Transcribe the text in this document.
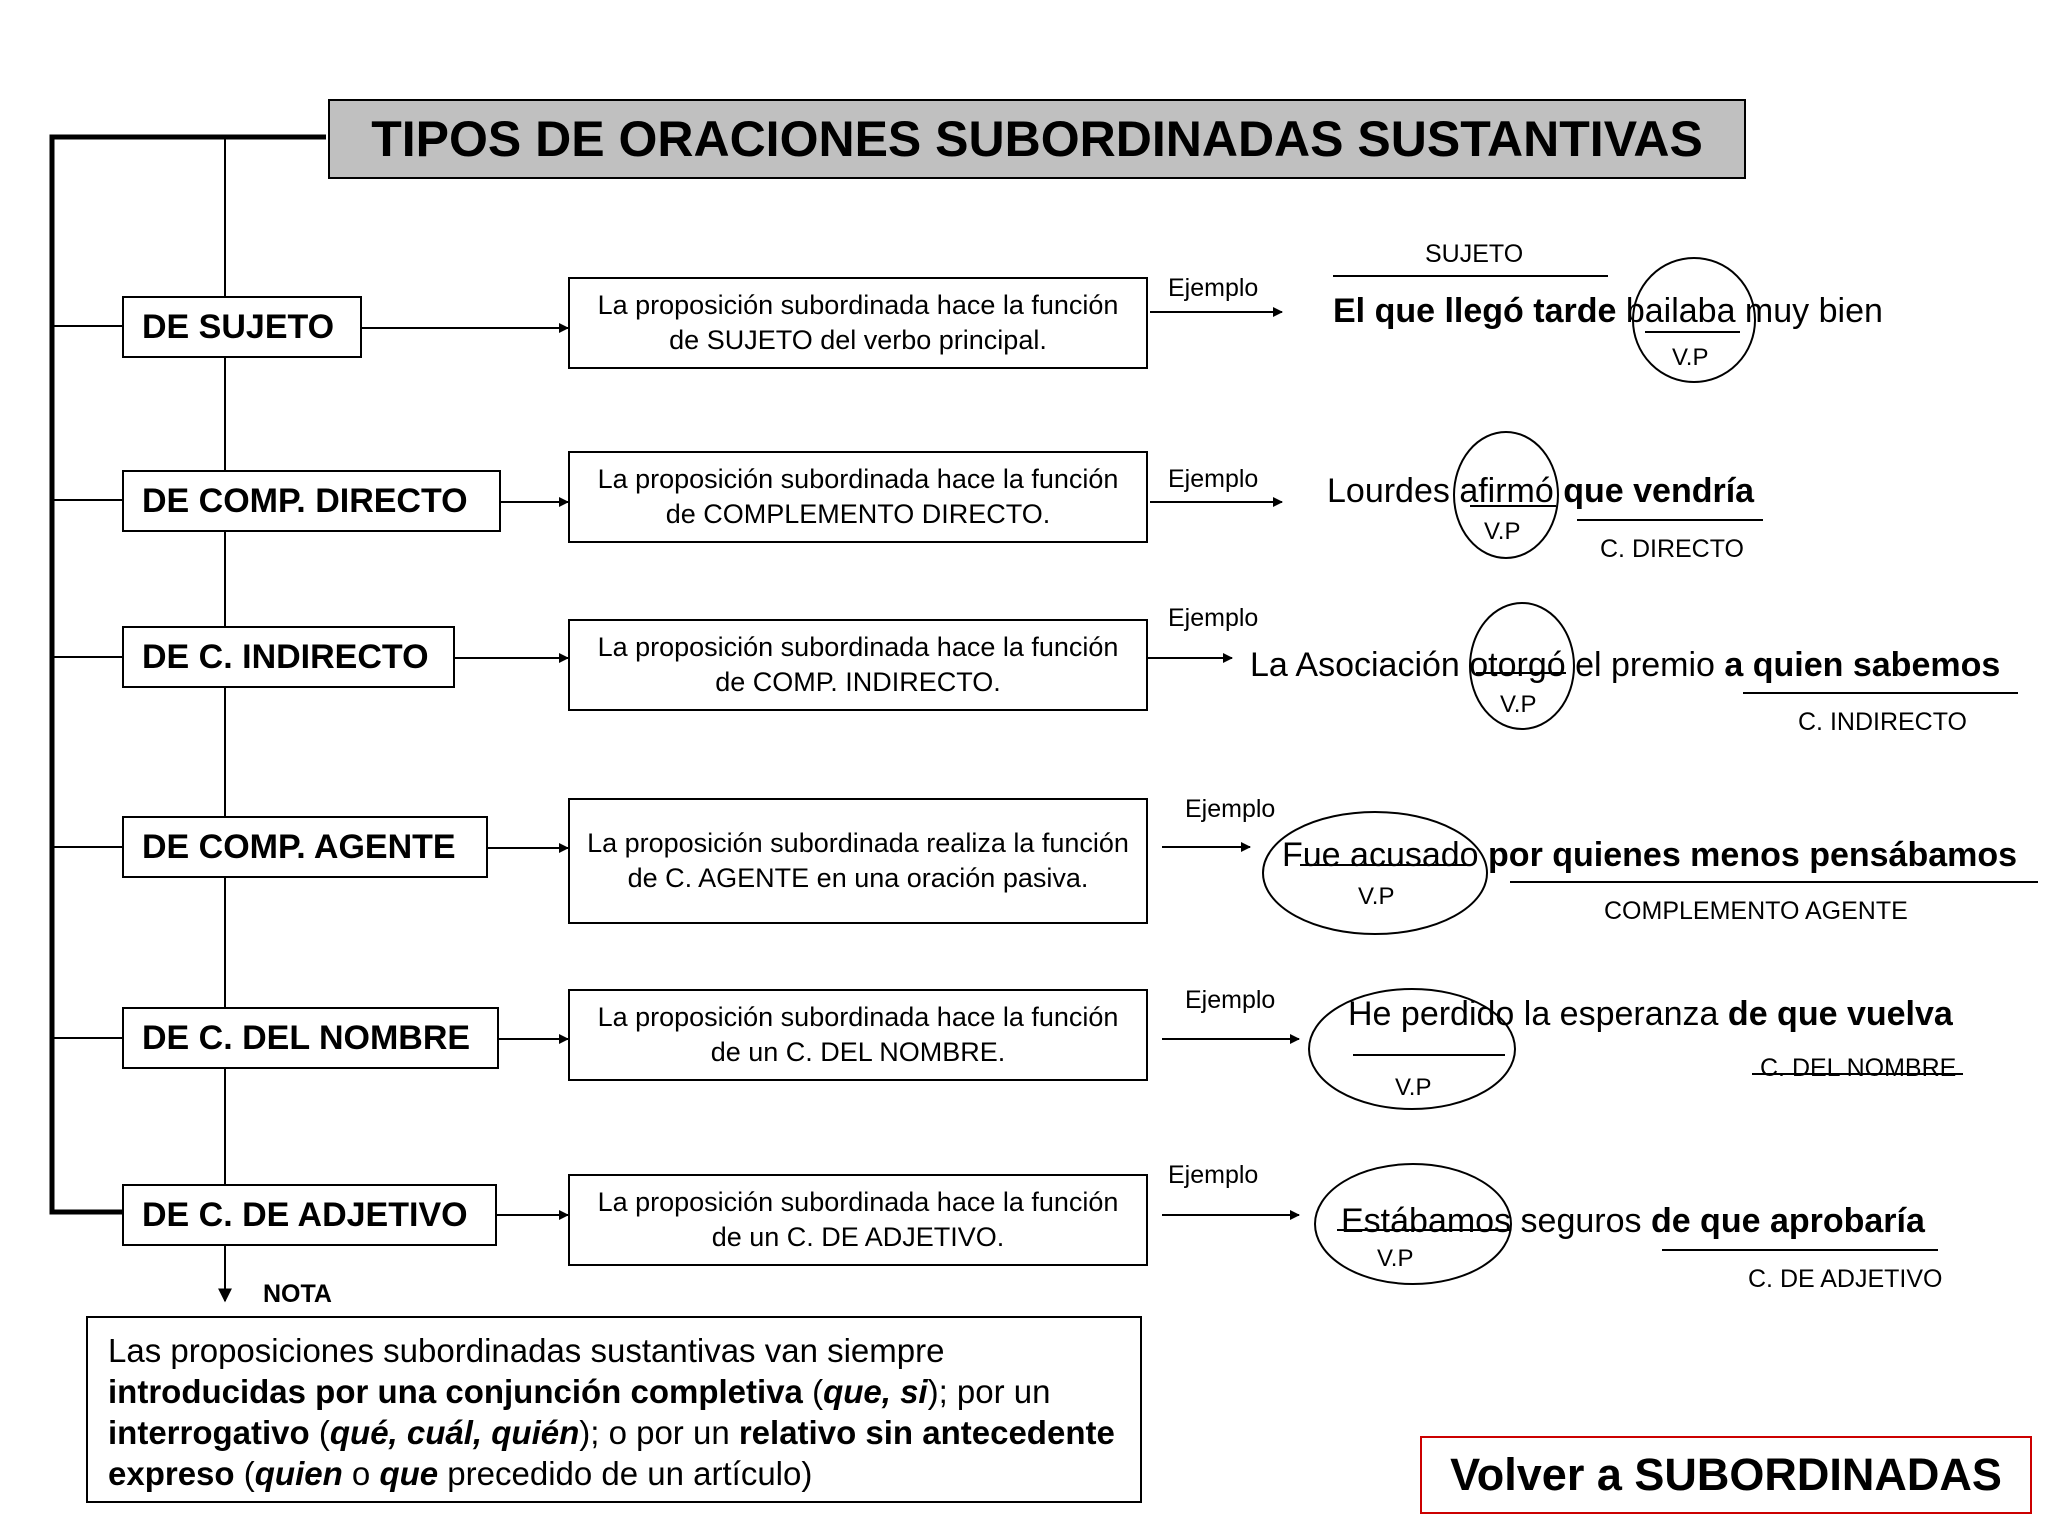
TIPOS DE ORACIONES SUBORDINADAS SUSTANTIVAS
DE SUJETO
DE COMP. DIRECTO
DE C. INDIRECTO
DE COMP. AGENTE
DE C. DEL NOMBRE
DE C. DE ADJETIVO
La proposición subordinada hace la función de SUJETO del verbo principal.
La proposición subordinada hace la función de COMPLEMENTO DIRECTO.
La proposición subordinada hace la función de COMP. INDIRECTO.
La proposición subordinada realiza la función de C. AGENTE en una oración pasiva.
La proposición subordinada hace la función de un C. DEL NOMBRE.
La proposición subordinada hace la función de un C. DE ADJETIVO.
Ejemplo
Ejemplo
Ejemplo
Ejemplo
Ejemplo
Ejemplo
El que llegó tarde bailaba muy bien
Lourdes afirmó que vendría
La Asociación otorgó el premio a quien sabemos
Fue acusado por quienes menos pensábamos
He perdido la esperanza de que vuelva
Estábamos seguros de que aprobaría
V.P
V.P
V.P
V.P
V.P
V.P
SUJETO
C. DIRECTO
C. INDIRECTO
COMPLEMENTO AGENTE
C. DEL NOMBRE
C. DE ADJETIVO
NOTA
Las proposiciones subordinadas sustantivas van siempre introducidas por una conjunción completiva (que, si); por un interrogativo (qué, cuál, quién); o por un relativo sin antecedente expreso (quien o que precedido de un artículo)	Volver a SUBORDINADAS
